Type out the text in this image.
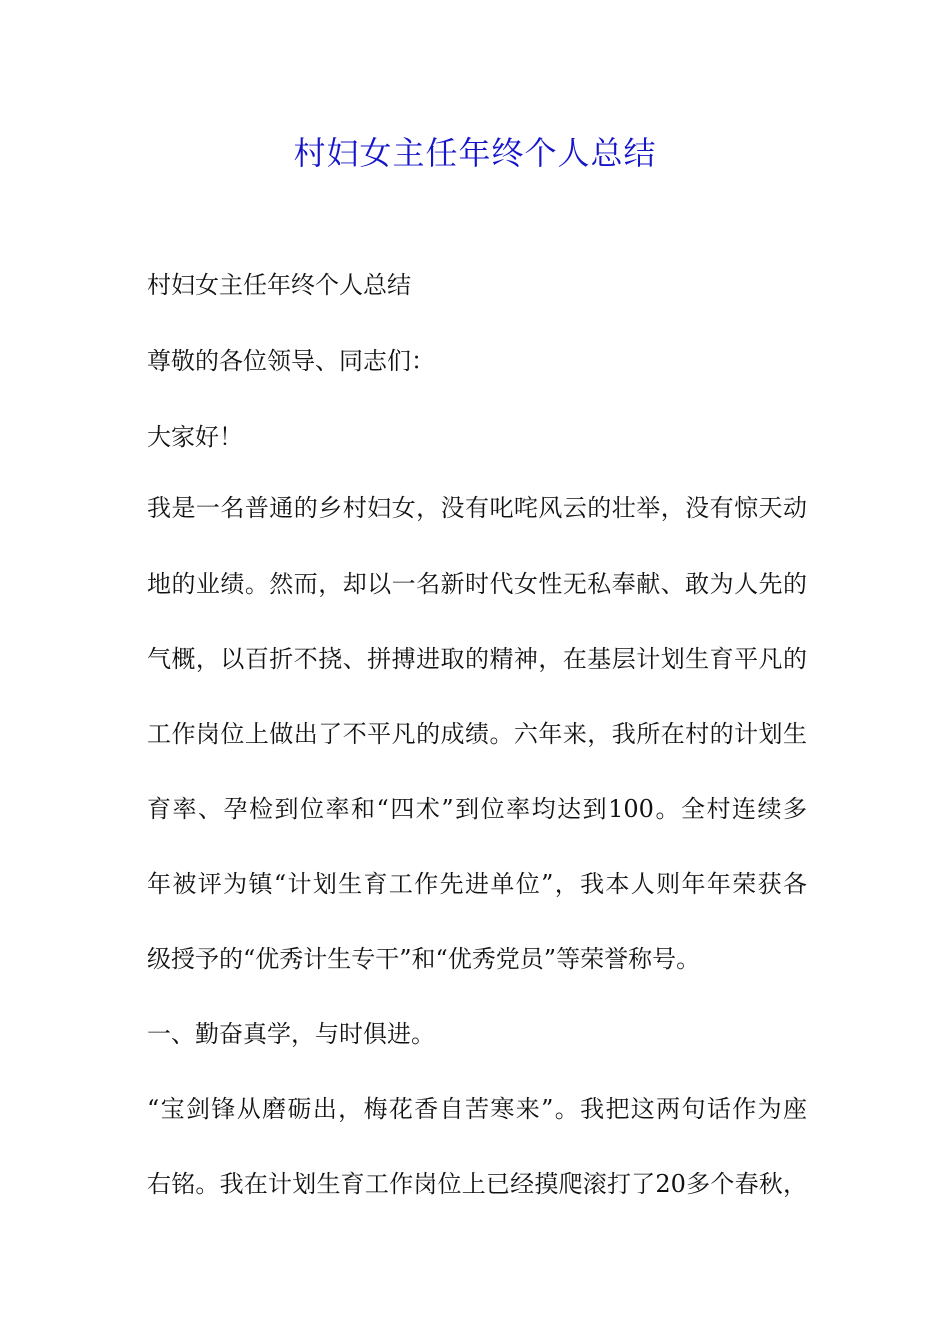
村妇女主任年终个人总结
村妇女主任年终个人总结
尊敬的各位领导、同志们：
大家好！
我是一名普通的乡村妇女，没有叱咤风云的壮举，没有惊天动
地的业绩。然而，却以一名新时代女性无私奉献、敢为人先的
气概，以百折不挠、拼搏进取的精神，在基层计划生育平凡的
工作岗位上做出了不平凡的成绩。六年来，我所在村的计划生
育率、孕检到位率和“四术”到位率均达到100。全村连续多
年被评为镇“计划生育工作先进单位”，我本人则年年荣获各
级授予的“优秀计生专干”和“优秀党员”等荣誉称号。
一、勤奋真学，与时俱进。
“宝剑锋从磨砺出，梅花香自苦寒来”。我把这两句话作为座
右铭。我在计划生育工作岗位上已经摸爬滚打了20多个春秋，
